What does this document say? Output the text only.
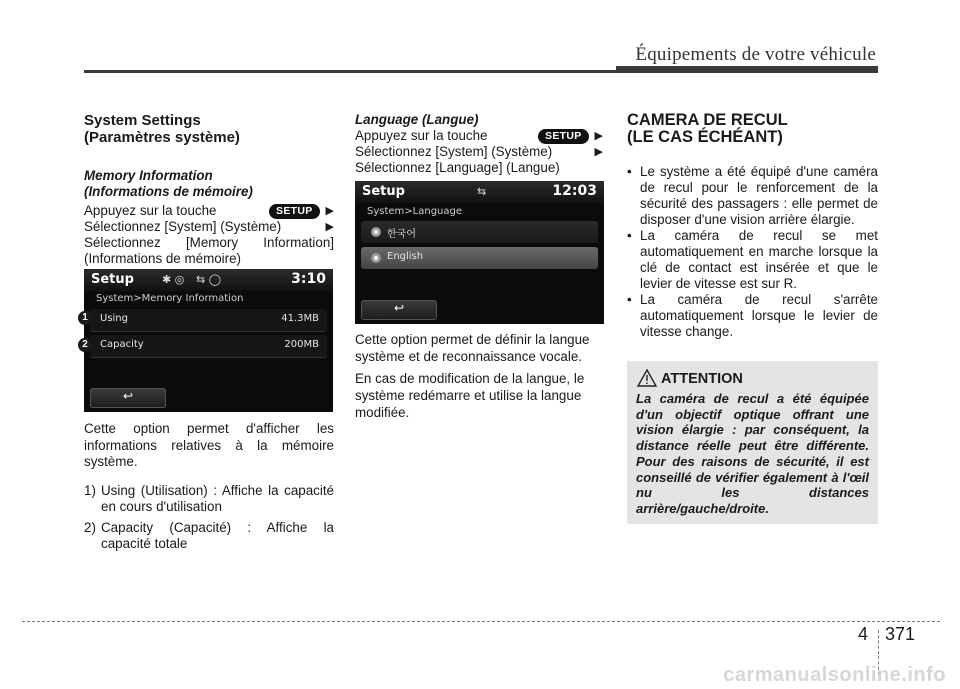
Équipements de votre véhicule

System Settings

(Paramètres système)

Memory Information

(Informations de mémoire)

Appuyez sur la touche	SETUP	▶
Sélectionnez [System] (Système)	▶

Sélectionnez [Memory Information]

(Informations de mémoire)

Setup	✱ ◎ ⇆ ◯	3:10
System>Memory Information
Using	41.3MB
Capacity	200MB
↩
1
2

Cette option permet d'afficher les informations relatives à la mémoire système.

1) Using (Utilisation) : Affiche la capacité en cours d'utilisation
2) Capacity (Capacité) : Affiche la capacité totale

Language (Langue)

Appuyez sur la touche	SETUP	▶
Sélectionnez [System] (Système)	▶

Sélectionnez [Language] (Langue)

Setup	⇆	12:03
System>Language
한국어
English
↩

Cette option permet de définir la langue système et de reconnaissance vocale.

En cas de modification de la langue, le système redémarre et utilise la langue modifiée.

CAMERA DE RECUL

(LE CAS ÉCHÉANT)

• Le système a été équipé d'une caméra de recul pour le renforcement de la sécurité des passagers : elle permet de disposer d'une vision arrière élargie.
• La caméra de recul se met automatiquement en marche lorsque la clé de contact est insérée et que le levier de vitesse est sur R.
• La caméra de recul s'arrête automatiquement lorsque le levier de vitesse change.
ATTENTION
La caméra de recul a été équipée d'un objectif optique offrant une vision élargie : par conséquent, la distance réelle peut être différente. Pour des raisons de sécurité, il est conseillé de vérifier également à l'œil nu les distances arrière/gauche/droite.
4 371
carmanualsonline.info
